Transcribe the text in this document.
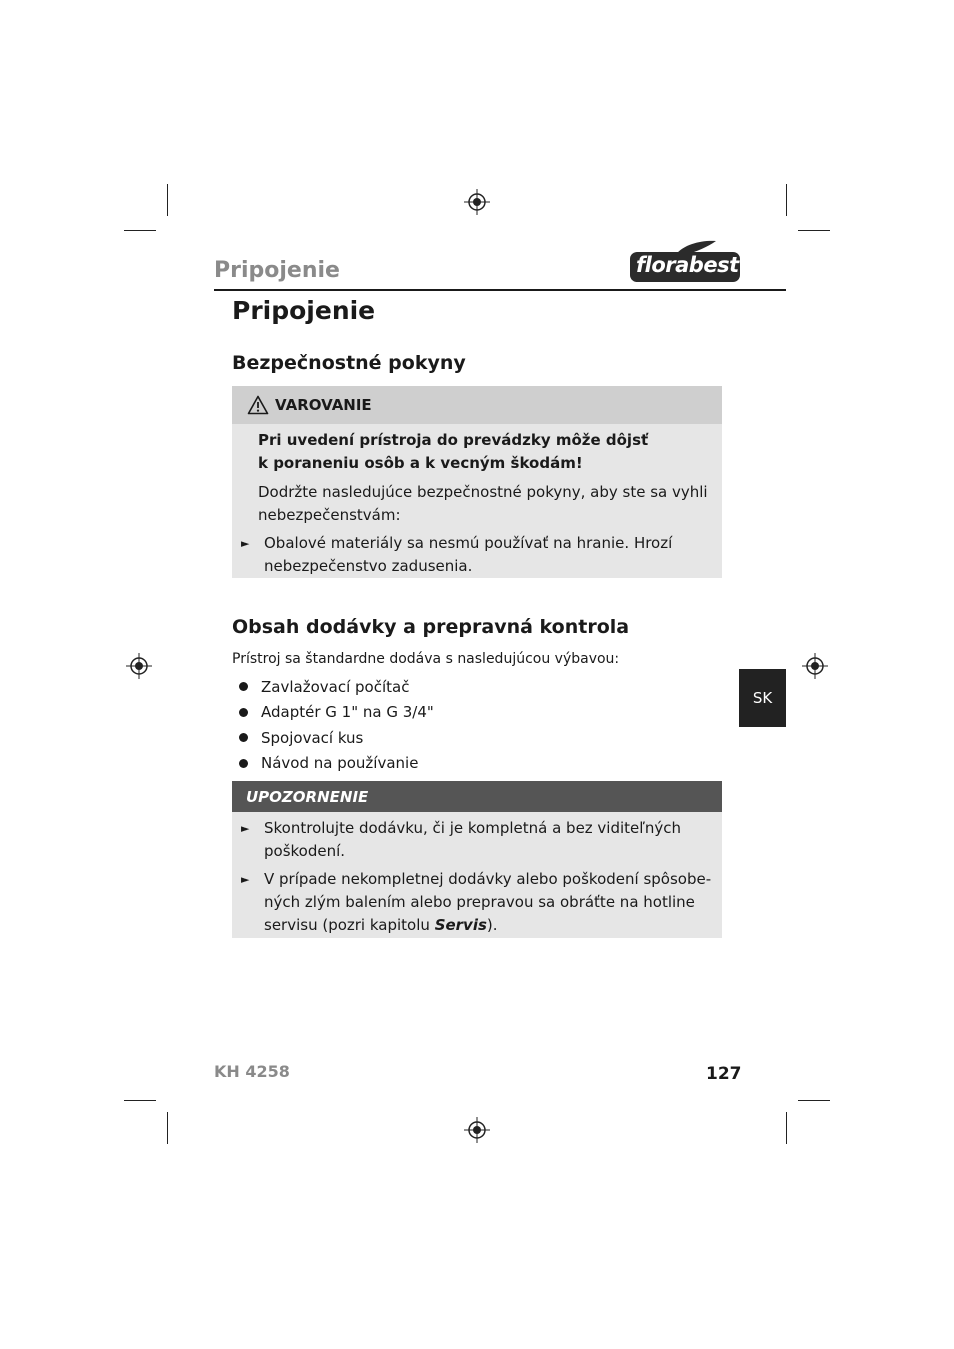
Pripojenie	florabest
Pripojenie
Bezpečnostné pokyny
VAROVANIE
Pri uvedení prístroja do prevádzky môže dôjsť
k poraneniu osôb a k vecným škodám!
Dodržte nasledujúce bezpečnostné pokyny, aby ste sa vyhli
nebezpečenstvám:
► Obalové materiály sa nesmú používať na hranie. Hrozí
nebezpečenstvo zadusenia.
Obsah dodávky a prepravná kontrola
Prístroj sa štandardne dodáva s nasledujúcou výbavou:
Zavlažovací počítač
Adaptér G 1" na G 3/4"
Spojovací kus
Návod na používanie
UPOZORNENIE
► Skontrolujte dodávku, či je kompletná a bez viditeľných
poškodení.
► V prípade nekompletnej dodávky alebo poškodení spôsobe-
ných zlým balením alebo prepravou sa obráťte na hotline
servisu (pozri kapitolu Servis).
SK
KH 4258	127
